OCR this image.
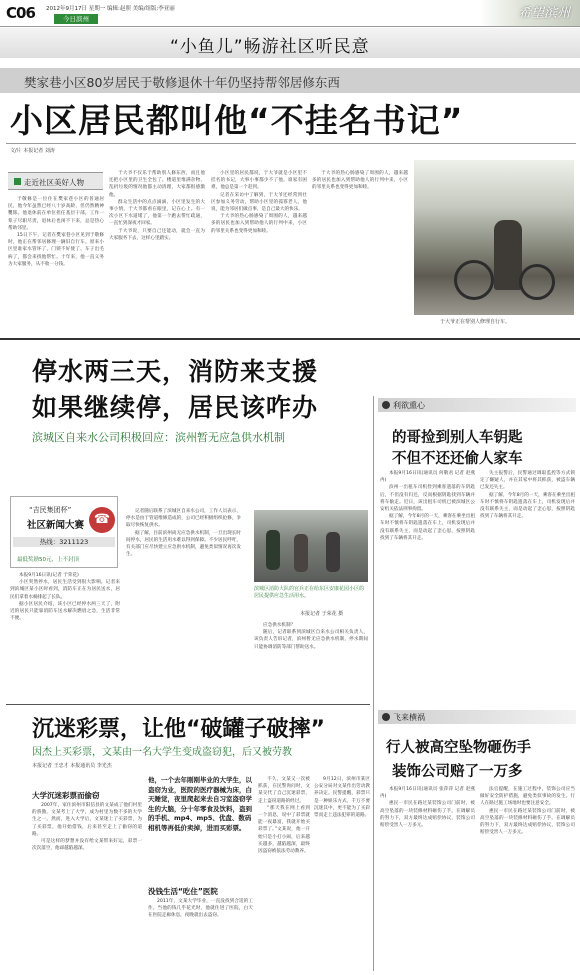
C06 2012年9月17日 星期一 编辑:赵照 美编/组版:李亚丽
今日滨州	希望滨州
“小鱼儿”畅游社区听民意
樊家巷小区80岁居民于敬修退休十年仍坚持帮邻居修东西
小区居民都叫他“不挂名书记”
文/片 本报记者 刘涛
走近社区美好人物

于敬修是一位住在樊家巷小区的普通居民，他今年虽然已经八十岁高龄，但仍然精神矍铄。他退休前在单位担任基层干部，工作一辈子尽职尽责，退休后也闲不下来，总是热心帮助邻里。

15日下午，记者在樊家巷小区见到于敬修时，他正在帮邻居修理一辆旧自行车。原来小区里谁家水管坏了、门锁不好使了、车子出毛病了，都会来找他帮忙。十年来，他一直义务为大家服务，从不收一分钱。

于大爷不仅乐于帮助别人修东西，而且他还把小区里的卫生全包了。楼道里堆满杂物、乱扔垃圾的情况他都主动清理，大家都很感激他。

群众生活中的点点滴滴、小区里发生的大事小情，于大爷都看在眼里，记在心上。有一次小区下水道堵了，他第一个跑去帮忙疏通，一直忙到深夜才回家。

于大爷说，只要自己还能动，就会一直为大家服务下去，这样心里踏实。

小区里的居民都说，于大爷就是小区里不挂名的书记，大事小事都少不了他。谁家有困难，他总是第一个赶到。

记者在采访中了解到，于大爷还经常到社区参加义务劳动，帮助小区里的孤寡老人。他说，能为邻居们做点事，是自己最大的快乐。

于大爷的热心肠感染了周围的人，越来越多的居民也加入到帮助他人的行列中来，小区的邻里关系也变得更加和睦。

于大爷的热心肠感染了周围的人，越来越多的居民也加入到帮助他人的行列中来，小区的邻里关系也变得更加和睦。

于大爷正在帮别人修理自行车。
停水两三天，消防来支援
如果继续停，居民该咋办
滨城区自来水公司积极回应：滨州暂无应急供水机制
“吉民集团杯”
社区新闻大赛 ☎
热线：3211123
最低奖励50元，上不封顶

本报9月16日讯(记者 于荣花)

小区突然停水，居民生活受到很大影响。记者来到滨城区某小区时看到，消防车正在为居民送水，居民们拿着水桶排起了长队。

据小区居民介绍，该小区已经停水两三天了，附近的居民只能靠消防车送水解决燃眉之急，生活非常不便。

记者随后联系了滨城区自来水公司，工作人员表示，停水是由于管道维修造成的，公司已经积极组织抢修，争取尽快恢复供水。

据了解，目前滨州尚无应急供水机制，一旦出现长时间停水，居民的生活用水难以得到保障。不少居民呼吁，有关部门应尽快建立应急供水机制，避免类似情况再次发生。

滨城区消防大队的官兵正在给东区安康花园小区的居民提供应急生活用水。
本报记者 于荣花 摄

应急供水机制？

随后，记者联系到滨城区自来水公司相关负责人，该负责人告诉记者，滨州暂无应急供水机制，停水期间只能协调消防等部门帮助送水。

利欲熏心
的哥捡到别人车钥匙
不但不还还偷人家车

本报9月16日讯(通讯员 何敬君 记者 赵燕冉)

滨州一出租车司机捡到乘客遗落的车钥匙后，不但没有归还，反而根据钥匙找到车辆并将车偷走。近日，该出租车司机已被滨城区公安机关依法刑事拘留。

据了解，今年8月的一天，乘客在乘坐出租车时不慎将车钥匙遗落在车上，司机发现后并没有联系失主，而是动起了歪心思，按照钥匙找到了车辆将其开走。

失主报警后，民警通过调取监控等方式锁定了嫌疑人，并在其家中将其抓获，被盗车辆已发还失主。

据了解，今年8月的一天，乘客在乘坐出租车时不慎将车钥匙遗落在车上，司机发现后并没有联系失主，而是动起了歪心思，按照钥匙找到了车辆将其开走。

飞来横祸
行人被高空坠物砸伤手
装饰公司赔了一万多

本报9月16日讯(通讯员 张萍萍 记者 赵燕冉)

惠民一市民在路过某装饰公司门前时，被高空坠落的一块装修材料砸伤了手。在调解员的努力下，双方最终达成赔偿协议，装饰公司赔偿受害人一万多元。

法官提醒，在施工过程中，装饰公司应当做好安全防护措施，避免类似事故的发生。行人在路过施工场地时也要注意安全。

惠民一市民在路过某装饰公司门前时，被高空坠落的一块装修材料砸伤了手。在调解员的努力下，双方最终达成赔偿协议，装饰公司赔偿受害人一万多元。

沉迷彩票，让他“破罐子破摔”
因杰上买彩票，文某由一名大学生变成盗窃犯，后又被劳教
本报记者 王忠才 本报通讯员 李光杰
大学沉迷彩票而偷窃

2007年，家住滨州市阳信县的文某成了他们村里的骄傲，文某考上了大学，成为村里为数不多的大学生之一。然而，进入大学后，文某迷上了买彩票，为了买彩票，他开始借钱，后来甚至走上了偷窃的道路。

可是这样的梦想并没有给文某带来好运，彩票一次次落空，他却越陷越深。

他，一个去年刚刚毕业的大学生，以盗窃为业，医院的医疗器械为床，白天睡觉，夜里爬起来去自习室盗窃学生的大脑，分十年零食及饮料，盗到的手机、mp4、mp5、优盘、数码相机等再低价卖掉，进而买彩票。
没钱生活“吃住”医院

2011年，文某大学毕业，一直没找到合适的工作。当他的钱几乎花光时，他就住进了医院，白天在医院走廊休息，夜晚就出去盗窃。

不久，文某又一次被抓获，在民警询问时，文某交代了自己沉迷彩票，走上盗窃道路的经过。

“那天我在网上看到一个消息，说中了彩票就能一夜暴富，我就开始买彩票了。”文某说，他一开始只是小打小闹，后来越买越多，越陷越深，最终因盗窃被依法劳动教养。

9月12日，滨州市某区公安分局对文某作出劳动教养决定。民警提醒，彩票只是一种娱乐方式，千万不要沉迷其中，更不能为了买彩票而走上违法犯罪的道路。
